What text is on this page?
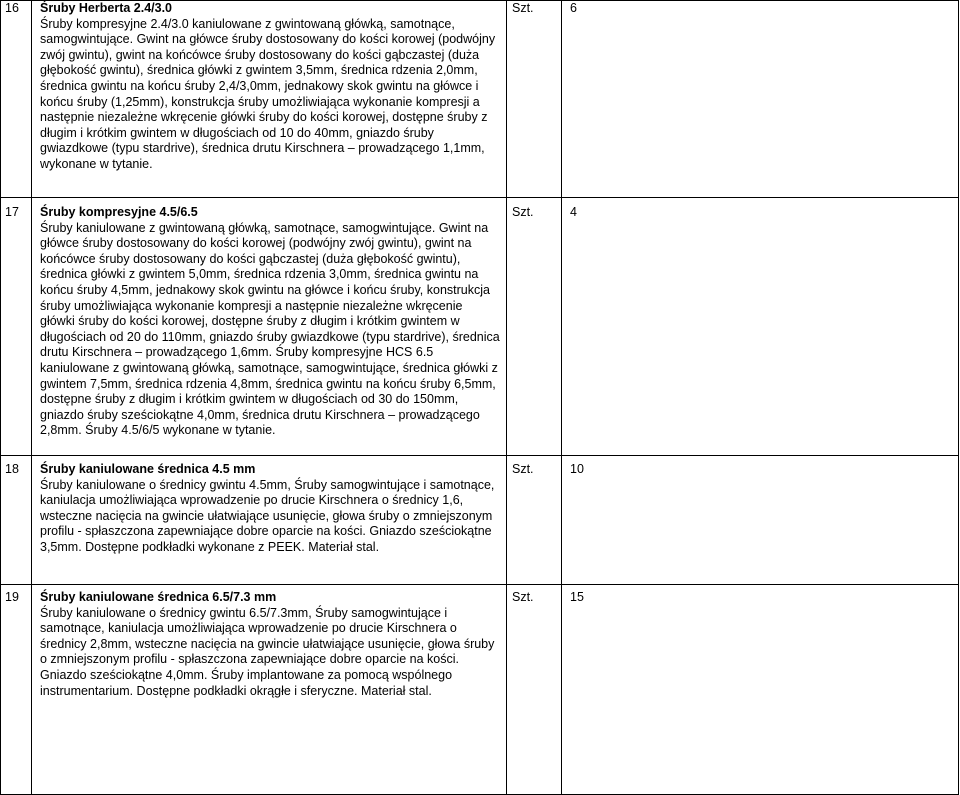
16	Śruby Herberta 2.4/3.0
Śruby kompresyjne 2.4/3.0 kaniulowane z gwintowaną główką, samotnące, samogwintujące. Gwint na główce śruby dostosowany do kości korowej (podwójny zwój gwintu), gwint na końcówce śruby dostosowany do kości gąbczastej (duża głębokość gwintu), średnica główki z gwintem 3,5mm, średnica rdzenia 2,0mm, średnica gwintu na końcu śruby 2,4/3,0mm, jednakowy skok gwintu na główce i końcu śruby (1,25mm), konstrukcja śruby umożliwiająca wykonanie kompresji a następnie niezależne wkręcenie główki śruby do kości korowej, dostępne śruby z długim i krótkim gwintem w długościach od 10 do 40mm, gniazdo śruby gwiazdkowe (typu stardrive), średnica drutu Kirschnera – prowadzącego 1,1mm, wykonane w tytanie.	Szt.	6
17	Śruby kompresyjne 4.5/6.5
Śruby kaniulowane z gwintowaną główką, samotnące, samogwintujące. Gwint na główce śruby dostosowany do kości korowej (podwójny zwój gwintu), gwint na końcówce śruby dostosowany do kości gąbczastej (duża głębokość gwintu), średnica główki z gwintem 5,0mm, średnica rdzenia 3,0mm, średnica gwintu na końcu śruby 4,5mm, jednakowy skok gwintu na główce i końcu śruby, konstrukcja śruby umożliwiająca wykonanie kompresji a następnie niezależne wkręcenie główki śruby do kości korowej, dostępne śruby z długim i krótkim gwintem w długościach od 20 do 110mm, gniazdo śruby gwiazdkowe (typu stardrive), średnica drutu Kirschnera – prowadzącego 1,6mm. Śruby kompresyjne HCS 6.5 kaniulowane z gwintowaną główką, samotnące, samogwintujące, średnica główki z gwintem 7,5mm, średnica rdzenia 4,8mm, średnica gwintu na końcu śruby 6,5mm, dostępne śruby z długim i krótkim gwintem w długościach od 30 do 150mm, gniazdo śruby sześciokątne 4,0mm, średnica drutu Kirschnera – prowadzącego 2,8mm. Śruby 4.5/6/5 wykonane w tytanie.	Szt.	4
18	Śruby kaniulowane średnica 4.5 mm
Śruby kaniulowane o średnicy gwintu 4.5mm, Śruby samogwintujące i samotnące, kaniulacja umożliwiająca wprowadzenie po drucie Kirschnera o średnicy 1,6, wsteczne nacięcia na gwincie ułatwiające usunięcie, głowa śruby o zmniejszonym profilu - spłaszczona zapewniające dobre oparcie na kości. Gniazdo sześciokątne 3,5mm. Dostępne podkładki wykonane z PEEK. Materiał stal.	Szt.	10
19	Śruby kaniulowane średnica 6.5/7.3 mm
Śruby kaniulowane o średnicy gwintu 6.5/7.3mm, Śruby samogwintujące i samotnące, kaniulacja umożliwiająca wprowadzenie po drucie Kirschnera o średnicy 2,8mm, wsteczne nacięcia na gwincie ułatwiające usunięcie, głowa śruby o zmniejszonym profilu - spłaszczona zapewniające dobre oparcie na kości. Gniazdo sześciokątne 4,0mm. Śruby implantowane za pomocą wspólnego instrumentarium. Dostępne podkładki okrągłe i sferyczne. Materiał stal.	Szt.	15
